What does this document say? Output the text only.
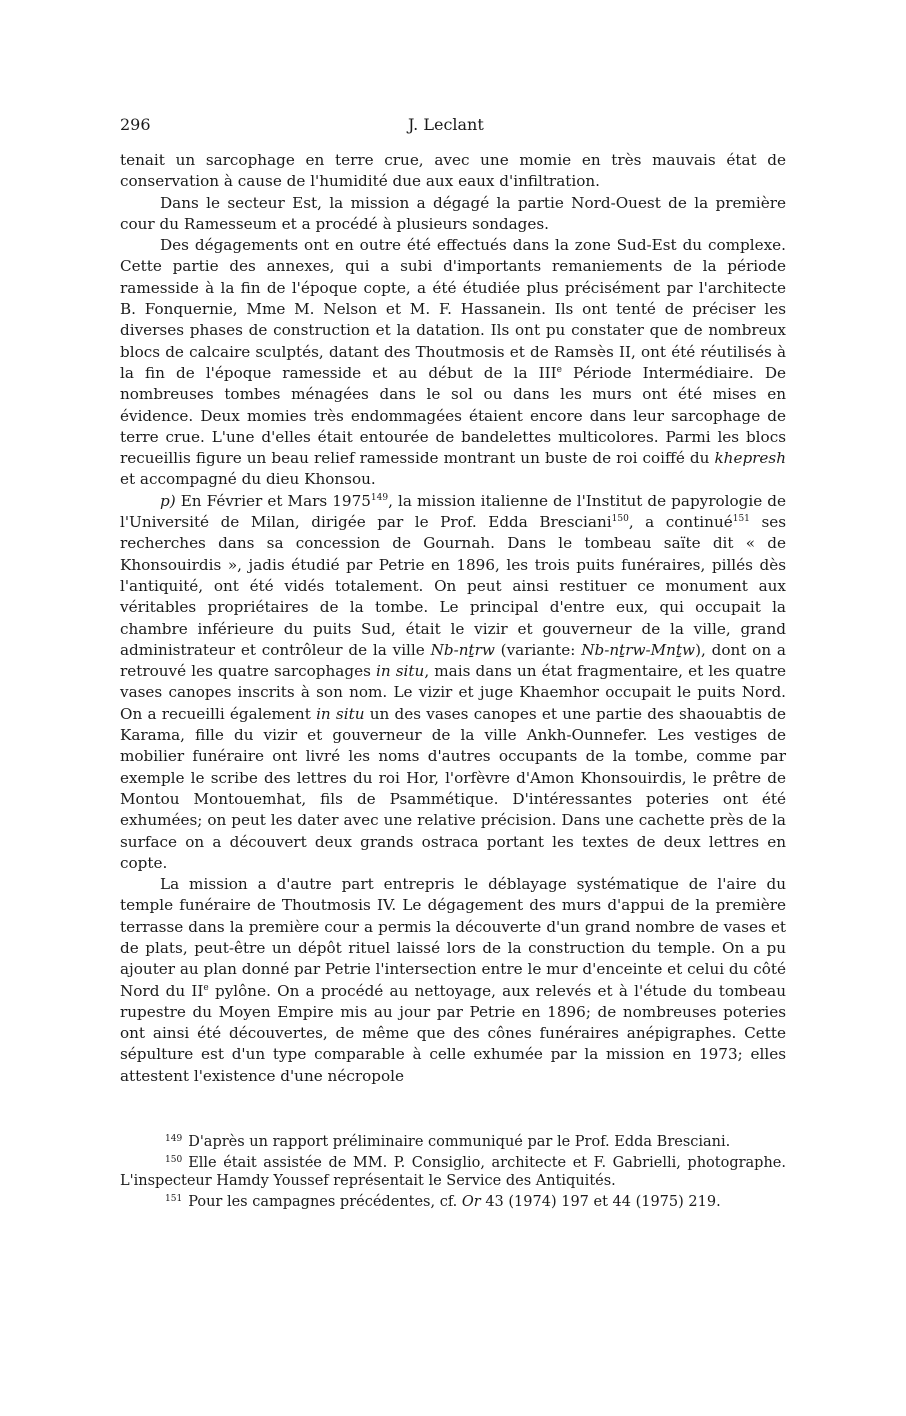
296	J. Leclant

tenait un sarcophage en terre crue, avec une momie en très mauvais état de conservation à cause de l'humidité due aux eaux d'infiltration.

Dans le secteur Est, la mission a dégagé la partie Nord-Ouest de la première cour du Ramesseum et a procédé à plusieurs sondages.

Des dégagements ont en outre été effectués dans la zone Sud-Est du complexe. Cette partie des annexes, qui a subi d'importants remaniements de la période ramesside à la fin de l'époque copte, a été étudiée plus précisément par l'architecte B. Fonquernie, Mme M. Nelson et M. F. Hassanein. Ils ont tenté de préciser les diverses phases de construction et la datation. Ils ont pu constater que de nombreux blocs de calcaire sculptés, datant des Thoutmosis et de Ramsès II, ont été réutilisés à la fin de l'époque ramesside et au début de la IIIe Période Intermédiaire. De nombreuses tombes ménagées dans le sol ou dans les murs ont été mises en évidence. Deux momies très endommagées étaient encore dans leur sarcophage de terre crue. L'une d'elles était entourée de bandelettes multicolores. Parmi les blocs recueillis figure un beau relief ramesside montrant un buste de roi coiffé du khepresh et accompagné du dieu Khonsou.

p) En Février et Mars 1975$^{149}$, la mission italienne de l'Institut de papyrologie de l'Université de Milan, dirigée par le Prof. Edda Bresciani$^{150}$, a continué$^{151}$ ses recherches dans sa concession de Gournah. Dans le tombeau saïte dit « de Khonsouirdis », jadis étudié par Petrie en 1896, les trois puits funéraires, pillés dès l'antiquité, ont été vidés totalement. On peut ainsi restituer ce monument aux véritables propriétaires de la tombe. Le principal d'entre eux, qui occupait la chambre inférieure du puits Sud, était le vizir et gouverneur de la ville, grand administrateur et contrôleur de la ville Nb-nṯrw (variante: Nb-nṯrw-Mnṯw), dont on a retrouvé les quatre sarcophages in situ, mais dans un état fragmentaire, et les quatre vases canopes inscrits à son nom. Le vizir et juge Khaemhor occupait le puits Nord. On a recueilli également in situ un des vases canopes et une partie des shaouabtis de Karama, fille du vizir et gouverneur de la ville Ankh-Ounnefer. Les vestiges de mobilier funéraire ont livré les noms d'autres occupants de la tombe, comme par exemple le scribe des lettres du roi Hor, l'orfèvre d'Amon Khonsouirdis, le prêtre de Montou Montouemhat, fils de Psammétique. D'intéressantes poteries ont été exhumées; on peut les dater avec une relative précision. Dans une cachette près de la surface on a découvert deux grands ostraca portant les textes de deux lettres en copte.

La mission a d'autre part entrepris le déblayage systématique de l'aire du temple funéraire de Thoutmosis IV. Le dégagement des murs d'appui de la première terrasse dans la première cour a permis la découverte d'un grand nombre de vases et de plats, peut-être un dépôt rituel laissé lors de la construction du temple. On a pu ajouter au plan donné par Petrie l'intersection entre le mur d'enceinte et celui du côté Nord du IIe pylône. On a procédé au nettoyage, aux relevés et à l'étude du tombeau rupestre du Moyen Empire mis au jour par Petrie en 1896; de nombreuses poteries ont ainsi été découvertes, de même que des cônes funéraires anépigraphes. Cette sépulture est d'un type comparable à celle exhumée par la mission en 1973; elles attestent l'existence d'une nécropole

$^{149}$ D'après un rapport préliminaire communiqué par le Prof. Edda Bresciani.

$^{150}$ Elle était assistée de MM. P. Consiglio, architecte et F. Gabrielli, photographe. L'inspecteur Hamdy Youssef représentait le Service des Antiquités.

$^{151}$ Pour les campagnes précédentes, cf. Or 43 (1974) 197 et 44 (1975) 219.
